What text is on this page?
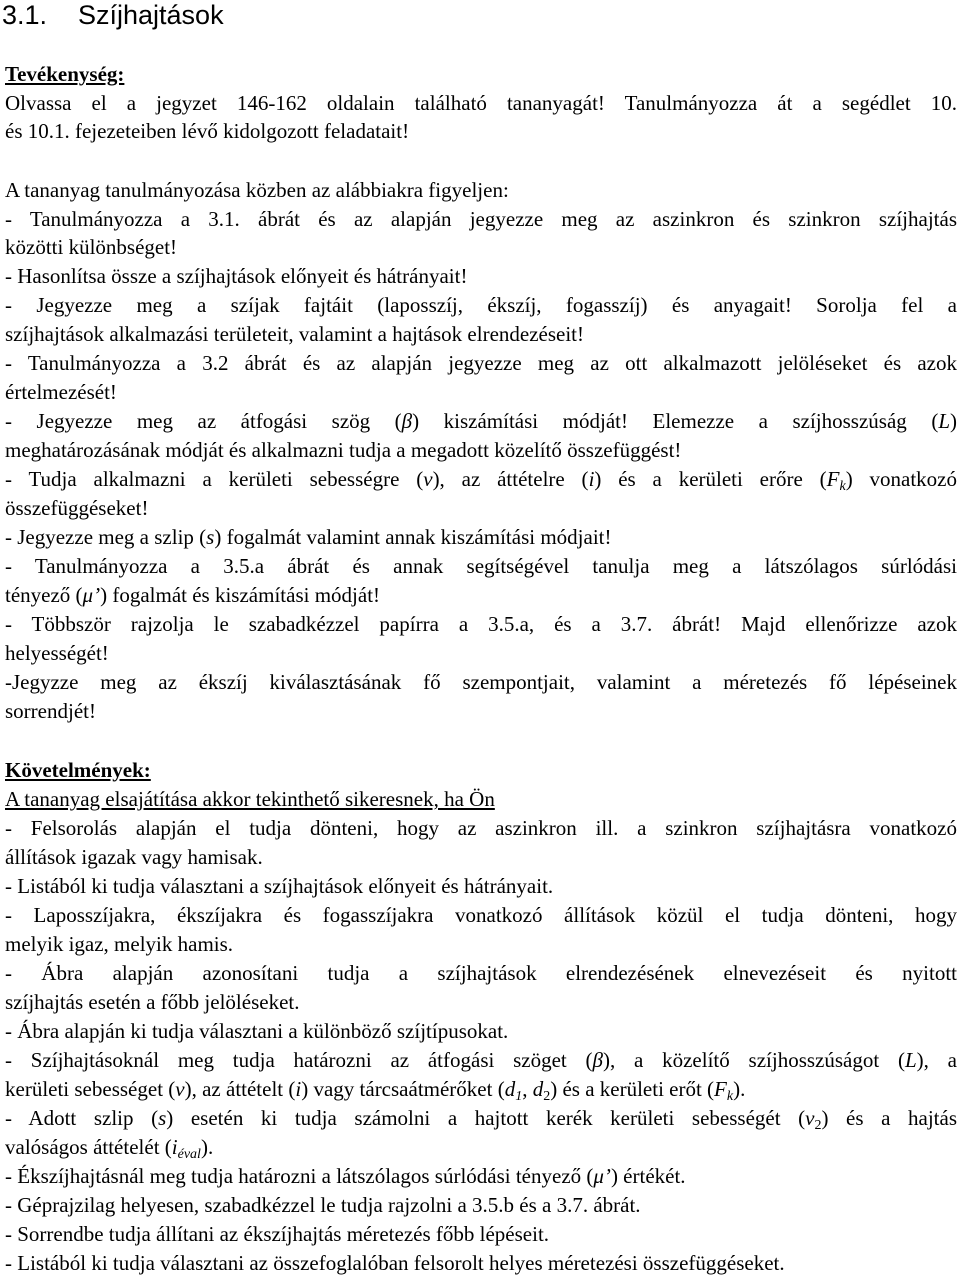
3.1. Szíjhajtások
Tevékenység:
Olvassa el a jegyzet 146-162 oldalain található tananyagát! Tanulmányozza át a segédlet 10.
és 10.1. fejezeteiben lévő kidolgozott feladatait!
A tananyag tanulmányozása közben az alábbiakra figyeljen:
- Tanulmányozza a 3.1. ábrát és az alapján jegyezze meg az aszinkron és szinkron szíjhajtás
közötti különbséget!
- Hasonlítsa össze a szíjhajtások előnyeit és hátrányait!
- Jegyezze meg a szíjak fajtáit (laposszíj, ékszíj, fogasszíj) és anyagait! Sorolja fel a
szíjhajtások alkalmazási területeit, valamint a hajtások elrendezéseit!
- Tanulmányozza a 3.2 ábrát és az alapján jegyezze meg az ott alkalmazott jelöléseket és azok
értelmezését!
- Jegyezze meg az átfogási szög (β) kiszámítási módját! Elemezze a szíjhosszúság (L)
meghatározásának módját és alkalmazni tudja a megadott közelítő összefüggést!
- Tudja alkalmazni a kerületi sebességre (v), az áttételre (i) és a kerületi erőre $(F_k)$ vonatkozó
összefüggéseket!
- Jegyezze meg a szlip (s) fogalmát valamint annak kiszámítási módjait!
- Tanulmányozza a 3.5.a ábrát és annak segítségével tanulja meg a látszólagos súrlódási
tényező (μ’) fogalmát és kiszámítási módját!
- Többször rajzolja le szabadkézzel papírra a 3.5.a, és a 3.7. ábrát! Majd ellenőrizze azok
helyességét!
-Jegyzze meg az ékszíj kiválasztásának fő szempontjait, valamint a méretezés fő lépéseinek
sorrendjét!
Követelmények:
A tananyag elsajátítása akkor tekinthető sikeresnek, ha Ön
- Felsorolás alapján el tudja dönteni, hogy az aszinkron ill. a szinkron szíjhajtásra vonatkozó
állítások igazak vagy hamisak.
- Listából ki tudja választani a szíjhajtások előnyeit és hátrányait.
- Laposszíjakra, ékszíjakra és fogasszíjakra vonatkozó állítások közül el tudja dönteni, hogy
melyik igaz, melyik hamis.
- Ábra alapján azonosítani tudja a szíjhajtások elrendezésének elnevezéseit és nyitott
szíjhajtás esetén a főbb jelöléseket.
- Ábra alapján ki tudja választani a különböző szíjtípusokat.
- Szíjhajtásoknál meg tudja határozni az átfogási szöget (β), a közelítő szíjhosszúságot (L), a
kerületi sebességet (v), az áttételt (i) vagy tárcsaátmérőket ($d_1$, $d_2$) és a kerületi erőt $(F_k)$.
- Adott szlip (s) esetén ki tudja számolni a hajtott kerék kerületi sebességét $(v_2)$ és a hajtás
valóságos áttételét $(i_{éval})$.
- Ékszíjhajtásnál meg tudja határozni a látszólagos súrlódási tényező (μ’) értékét.
- Géprajzilag helyesen, szabadkézzel le tudja rajzolni a 3.5.b és a 3.7. ábrát.
- Sorrendbe tudja állítani az ékszíjhajtás méretezés főbb lépéseit.
- Listából ki tudja választani az összefoglalóban felsorolt helyes méretezési összefüggéseket.
